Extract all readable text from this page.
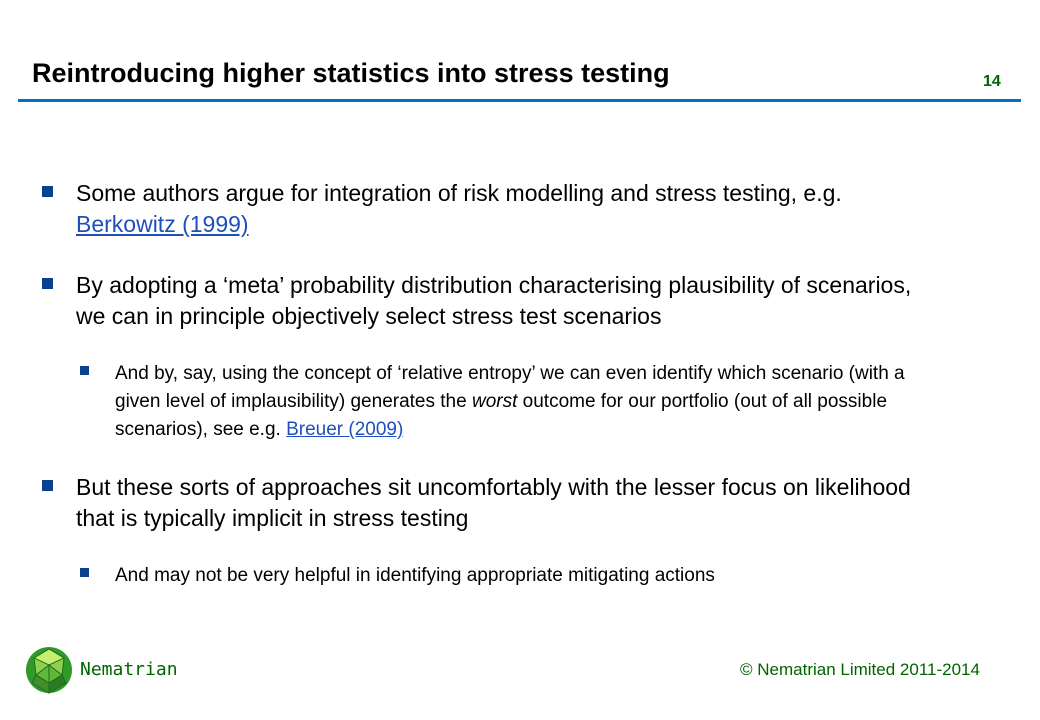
Reintroducing higher statistics into stress testing	14
Some authors argue for integration of risk modelling and stress testing, e.g. Berkowitz (1999)
By adopting a ‘meta’ probability distribution characterising plausibility of scenarios, we can in principle objectively select stress test scenarios
And by, say, using the concept of ‘relative entropy’ we can even identify which scenario (with a given level of implausibility) generates the worst outcome for our portfolio (out of all possible scenarios), see e.g. Breuer (2009)
But these sorts of approaches sit uncomfortably with the lesser focus on likelihood that is typically implicit in stress testing
And may not be very helpful in identifying appropriate mitigating actions
Nematrian	© Nematrian Limited 2011-2014
